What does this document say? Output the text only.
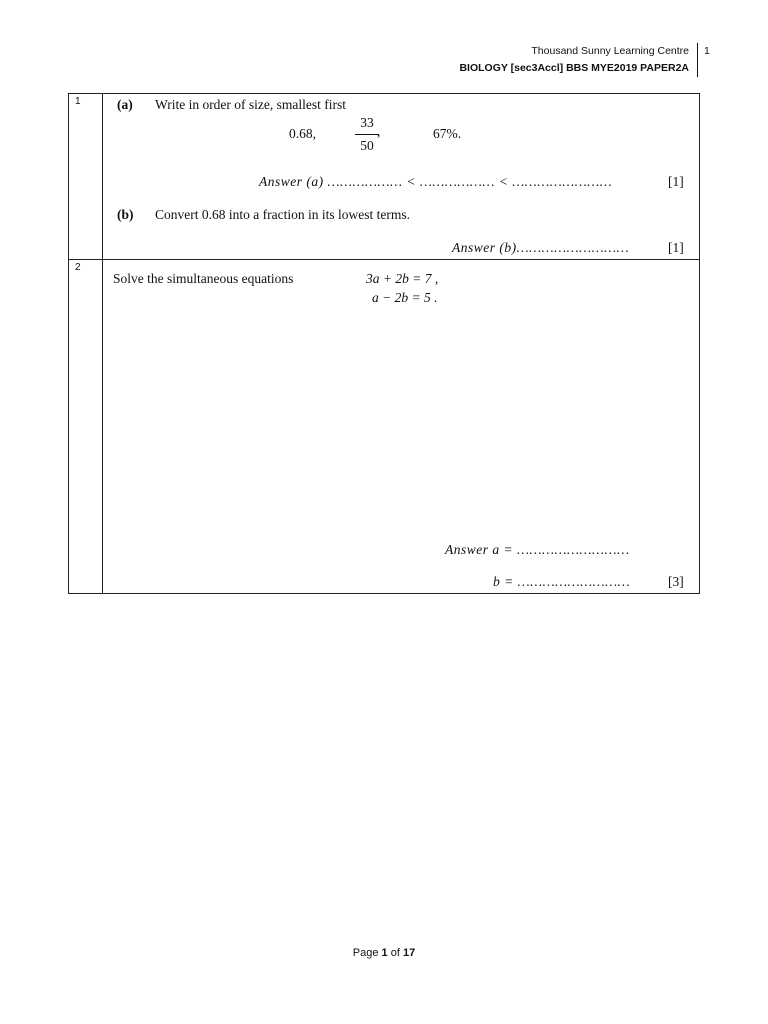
Thousand Sunny Learning Centre
BIOLOGY [sec3Accl] BBS MYE2019 PAPER2A
1
1	(a) Write in order of size, smallest first
0.68,
33
50
,	67%.
Answer (a) ……………… < ……………… < ……………………	[1]
(b) Convert 0.68 into a fraction in its lowest terms.
Answer (b)………………………	[1]
2
Solve the simultaneous equations	3a + 2b = 7 ,
a − 2b = 5 .
Answer a = ………………………
b = ………………………	[3]
Page 1 of 17
